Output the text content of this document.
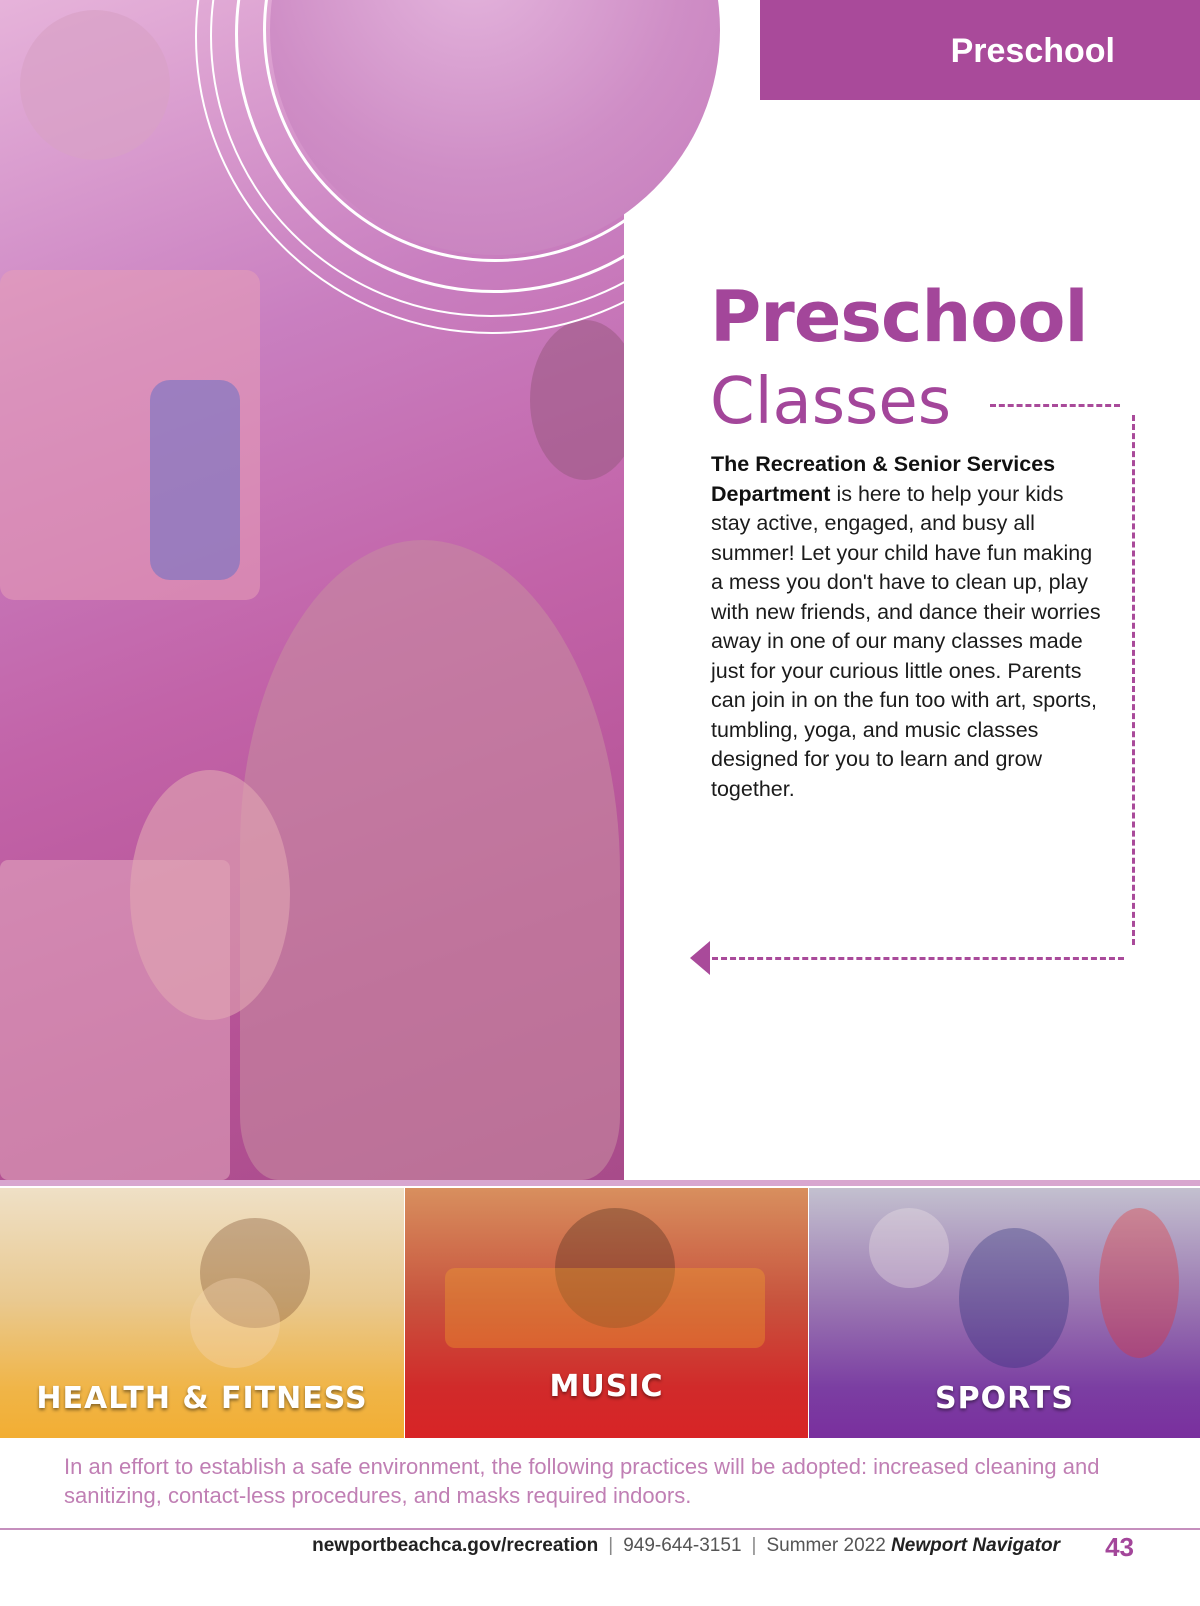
Preschool
Preschool
Classes
The Recreation & Senior Services Department is here to help your kids stay active, engaged, and busy all summer! Let your child have fun making a mess you don't have to clean up, play with new friends, and dance their worries away in one of our many classes made just for your curious little ones. Parents can join in on the fun too with art, sports, tumbling, yoga, and music classes designed for you to learn and grow together.
HEALTH & FITNESS	MUSIC	SPORTS
In an effort to establish a safe environment, the following practices will be adopted: increased cleaning and sanitizing, contact-less procedures, and masks required indoors.
newportbeachca.gov/recreation | 949-644-3151 | Summer 2022 Newport Navigator 43
